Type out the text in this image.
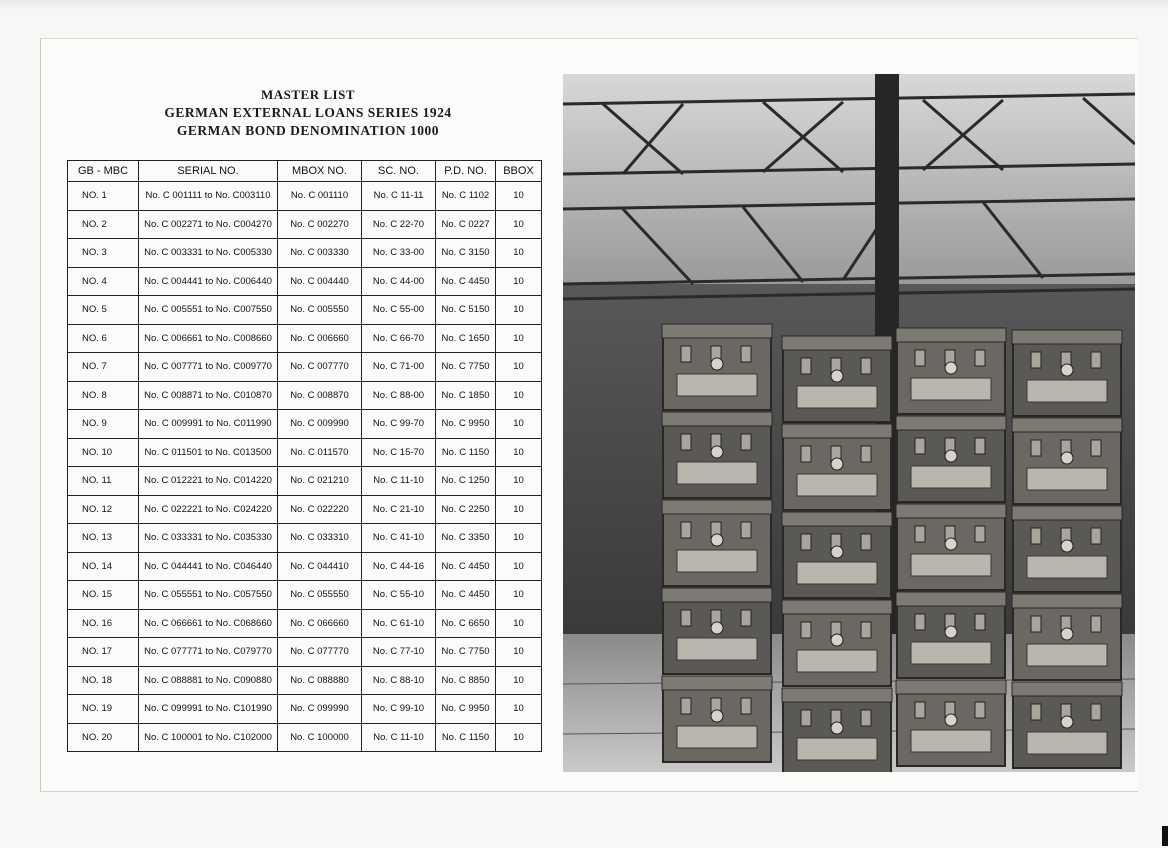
MASTER LIST
GERMAN EXTERNAL LOANS SERIES 1924
GERMAN BOND DENOMINATION 1000
GB - MBC	SERIAL NO.	MBOX NO.	SC. NO.	P.D. NO.	BBOX
NO. 1	No. C 001111 to No. C003110	No. C 001110	No. C 11-11	No. C 1102	10
NO. 2	No. C 002271 to No. C004270	No. C 002270	No. C 22-70	No. C 0227	10
NO. 3	No. C 003331 to No. C005330	No. C 003330	No. C 33-00	No. C 3150	10
NO. 4	No. C 004441 to No. C006440	No. C 004440	No. C 44-00	No. C 4450	10
NO. 5	No. C 005551 to No. C007550	No. C 005550	No. C 55-00	No. C 5150	10
NO. 6	No. C 006661 to No. C008660	No. C 006660	No. C 66-70	No. C 1650	10
NO. 7	No. C 007771 to No. C009770	No. C 007770	No. C 71-00	No. C 7750	10
NO. 8	No. C 008871 to No. C010870	No. C 008870	No. C 88-00	No. C 1850	10
NO. 9	No. C 009991 to No. C011990	No. C 009990	No. C 99-70	No. C 9950	10
NO. 10	No. C 011501 to No. C013500	No. C 011570	No. C 15-70	No. C 1150	10
NO. 11	No. C 012221 to No. C014220	No. C 021210	No. C 11-10	No. C 1250	10
NO. 12	No. C 022221 to No. C024220	No. C 022220	No. C 21-10	No. C 2250	10
NO. 13	No. C 033331 to No. C035330	No. C 033310	No. C 41-10	No. C 3350	10
NO. 14	No. C 044441 to No. C046440	No. C 044410	No. C 44-16	No. C 4450	10
NO. 15	No. C 055551 to No. C057550	No. C 055550	No. C 55-10	No. C 4450	10
NO. 16	No. C 066661 to No. C068660	No. C 066660	No. C 61-10	No. C 6650	10
NO. 17	No. C 077771 to No. C079770	No. C 077770	No. C 77-10	No. C 7750	10
NO. 18	No. C 088881 to No. C090880	No. C 088880	No. C 88-10	No. C 8850	10
NO. 19	No. C 099991 to No. C101990	No. C 099990	No. C 99-10	No. C 9950	10
NO. 20	No. C 100001 to No. C102000	No. C 100000	No. C 11-10	No. C 1150	10
